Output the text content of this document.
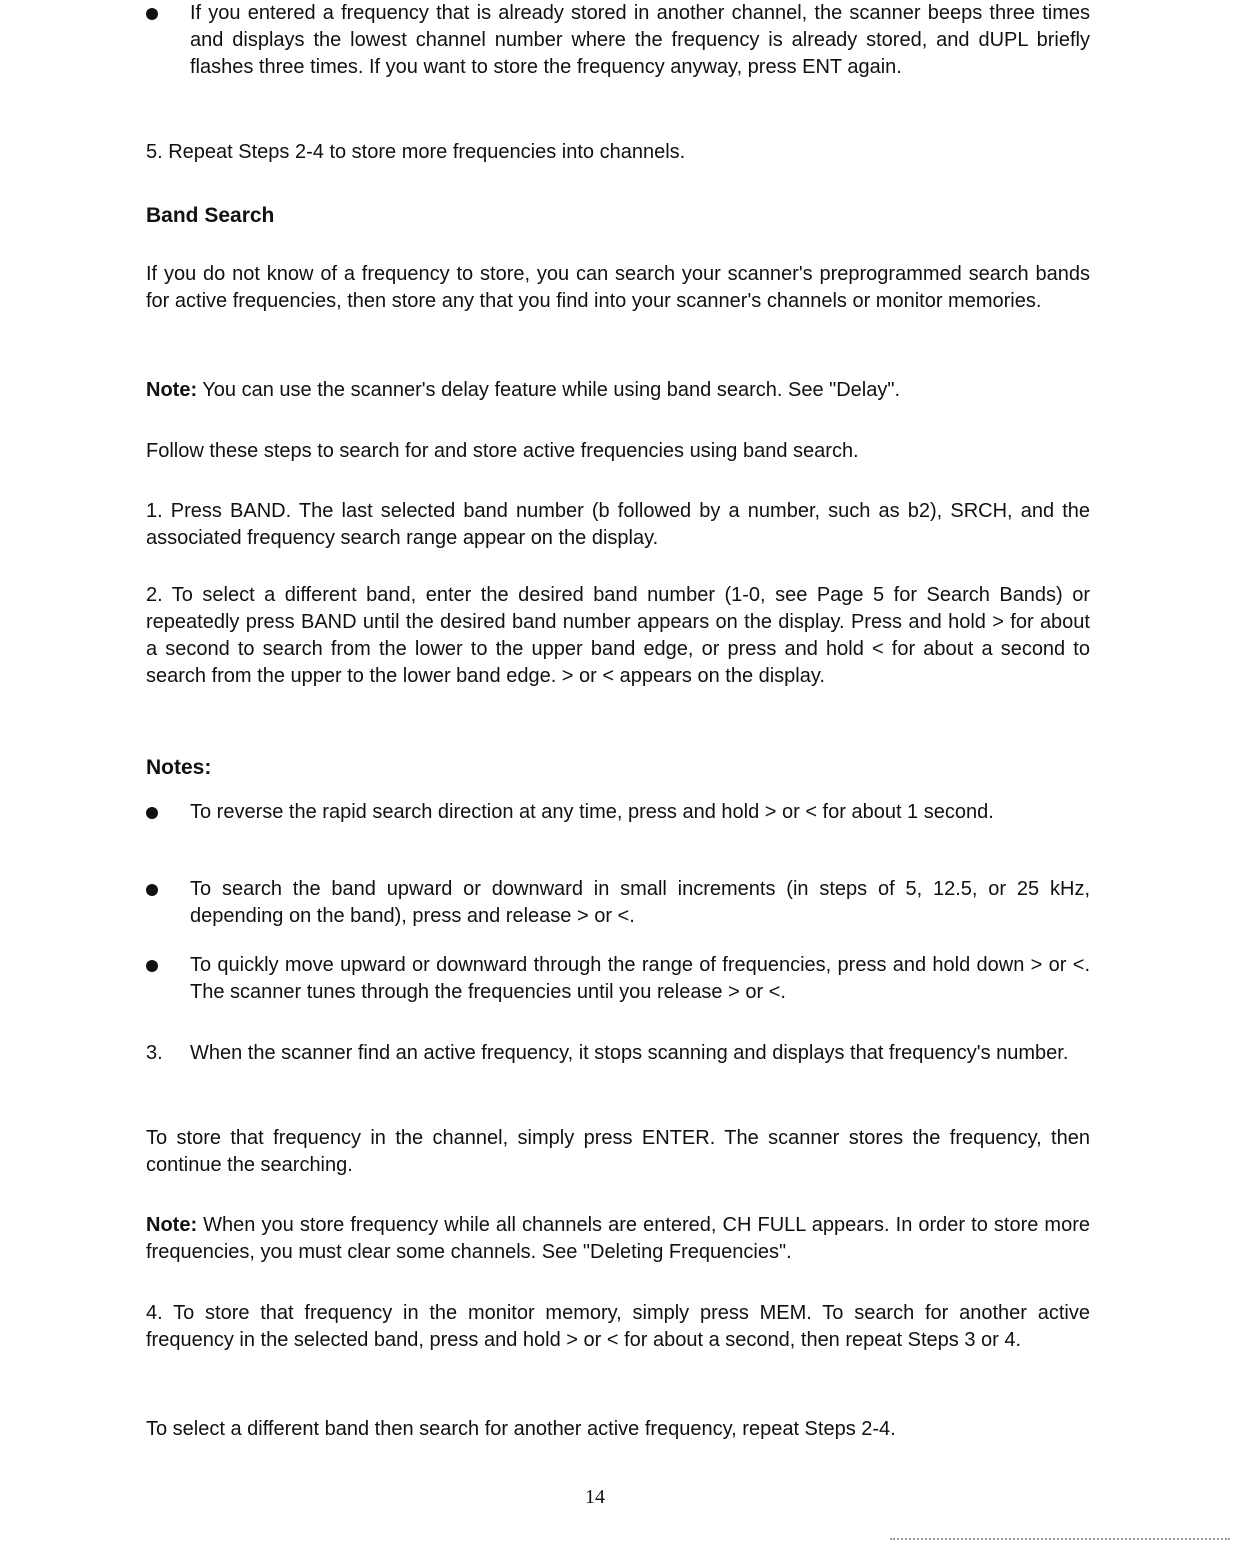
If you entered a frequency that is already stored in another channel, the scanner beeps three times and displays the lowest channel number where the frequency is already stored, and dUPL briefly flashes three times. If you want to store the frequency anyway, press ENT again.
5. Repeat Steps 2-4 to store more frequencies into channels.
Band Search
If you do not know of a frequency to store, you can search your scanner's preprogrammed search bands for active frequencies, then store any that you find into your scanner's channels or monitor memories.
Note: You can use the scanner's delay feature while using band search. See "Delay".
Follow these steps to search for and store active frequencies using band search.
1. Press BAND. The last selected band number (b followed by a number, such as b2), SRCH, and the associated frequency search range appear on the display.
2. To select a different band, enter the desired band number (1-0, see Page 5 for Search Bands) or repeatedly press BAND until the desired band number appears on the display. Press and hold > for about a second to search from the lower to the upper band edge, or press and hold < for about a second to search from the upper to the lower band edge. > or < appears on the display.
Notes:
To reverse the rapid search direction at any time, press and hold > or < for about 1 second.
To search the band upward or downward in small increments (in steps of 5, 12.5, or 25 kHz, depending on the band), press and release > or <.
To quickly move upward or downward through the range of frequencies, press and hold down > or <. The scanner tunes through the frequencies until you release > or <.
3. When the scanner find an active frequency, it stops scanning and displays that frequency's number.
To store that frequency in the channel, simply press ENTER. The scanner stores the frequency, then continue the searching.
Note: When you store frequency while all channels are entered, CH FULL appears. In order to store more frequencies, you must clear some channels. See "Deleting Frequencies".
4. To store that frequency in the monitor memory, simply press MEM. To search for another active frequency in the selected band, press and hold > or < for about a second, then repeat Steps 3 or 4.
To select a different band then search for another active frequency, repeat Steps 2-4.
14
